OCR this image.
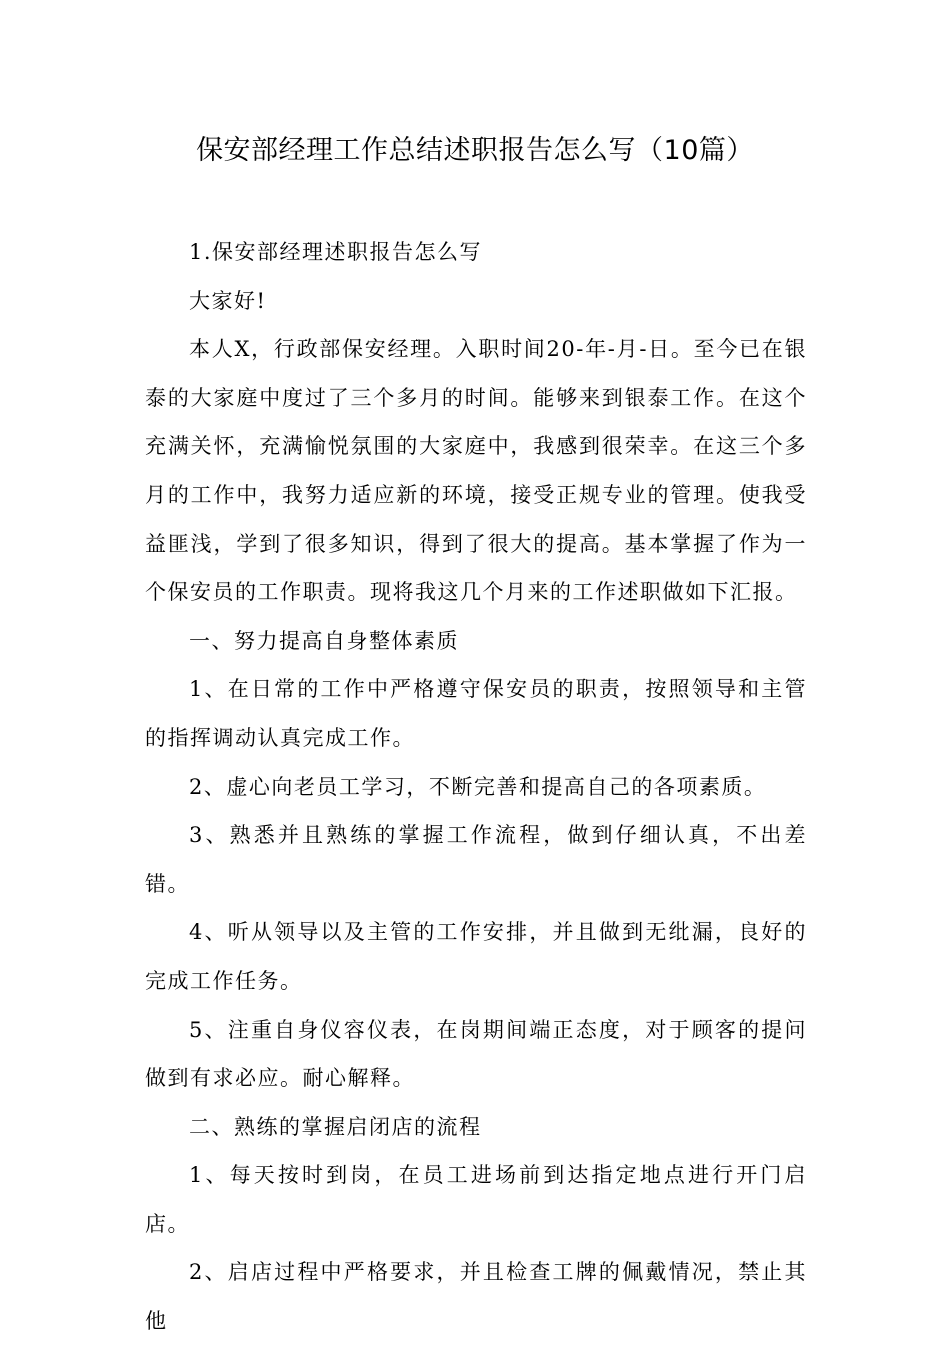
保安部经理工作总结述职报告怎么写（10篇）

1.保安部经理述职报告怎么写

大家好!

本人X，行政部保安经理。入职时间20-年-月-日。至今已在银泰的大家庭中度过了三个多月的时间。能够来到银泰工作。在这个充满关怀，充满愉悦氛围的大家庭中，我感到很荣幸。在这三个多月的工作中，我努力适应新的环境，接受正规专业的管理。使我受益匪浅，学到了很多知识，得到了很大的提高。基本掌握了作为一个保安员的工作职责。现将我这几个月来的工作述职做如下汇报。

一、努力提高自身整体素质

1、在日常的工作中严格遵守保安员的职责，按照领导和主管的指挥调动认真完成工作。

2、虚心向老员工学习，不断完善和提高自己的各项素质。

3、熟悉并且熟练的掌握工作流程，做到仔细认真，不出差错。

4、听从领导以及主管的工作安排，并且做到无纰漏，良好的完成工作任务。

5、注重自身仪容仪表，在岗期间端正态度，对于顾客的提问做到有求必应。耐心解释。

二、熟练的掌握启闭店的流程

1、每天按时到岗，在员工进场前到达指定地点进行开门启店。

2、启店过程中严格要求，并且检查工牌的佩戴情况，禁止其他
